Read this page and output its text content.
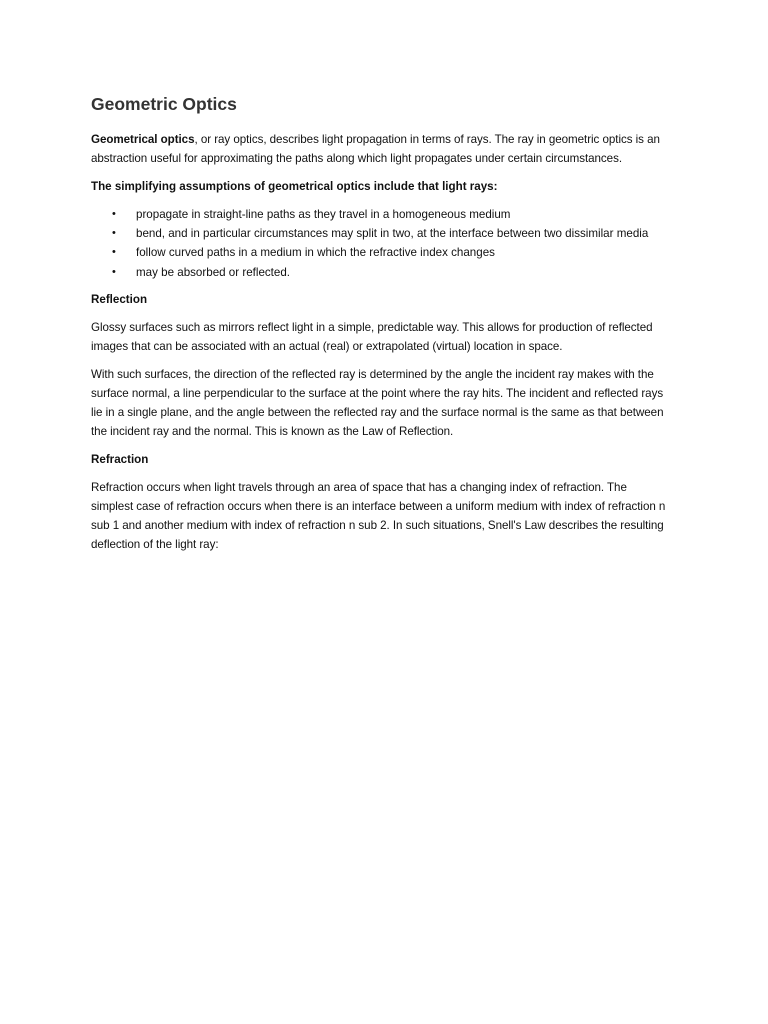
Geometric Optics

Geometrical optics, or ray optics, describes light propagation in terms of rays. The ray in geometric optics is an abstraction useful for approximating the paths along which light propagates under certain circumstances.

The simplifying assumptions of geometrical optics include that light rays:

• propagate in straight-line paths as they travel in a homogeneous medium
• bend, and in particular circumstances may split in two, at the interface between two dissimilar media
• follow curved paths in a medium in which the refractive index changes
• may be absorbed or reflected.

Reflection

Glossy surfaces such as mirrors reflect light in a simple, predictable way. This allows for production of reflected images that can be associated with an actual (real) or extrapolated (virtual) location in space.

With such surfaces, the direction of the reflected ray is determined by the angle the incident ray makes with the surface normal, a line perpendicular to the surface at the point where the ray hits. The incident and reflected rays lie in a single plane, and the angle between the reflected ray and the surface normal is the same as that between the incident ray and the normal. This is known as the Law of Reflection.

Refraction

Refraction occurs when light travels through an area of space that has a changing index of refraction. The simplest case of refraction occurs when there is an interface between a uniform medium with index of refraction n sub 1 and another medium with index of refraction n sub 2. In such situations, Snell's Law describes the resulting deflection of the light ray:
